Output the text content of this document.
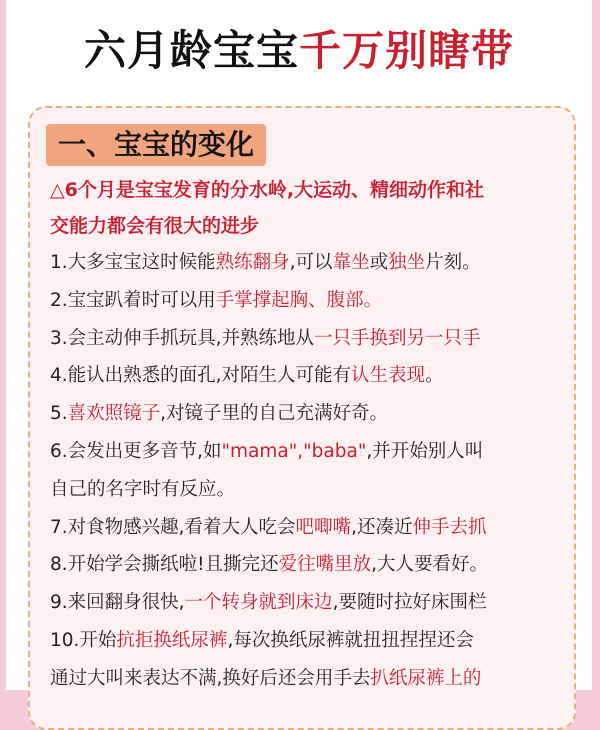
六月龄宝宝千万别瞎带
一、宝宝的变化
△6个月是宝宝发育的分水岭,大运动、精细动作和社
交能力都会有很大的进步
1.大多宝宝这时候能熟练翻身,可以靠坐或独坐片刻。
2.宝宝趴着时可以用手掌撑起胸、腹部。
3.会主动伸手抓玩具,并熟练地从一只手换到另一只手
4.能认出熟悉的面孔,对陌生人可能有认生表现。
5.喜欢照镜子,对镜子里的自己充满好奇。
6.会发出更多音节,如"mama","baba",并开始别人叫
自己的名字时有反应。
7.对食物感兴趣,看着大人吃会吧唧嘴,还凑近伸手去抓
8.开始学会撕纸啦!且撕完还爱往嘴里放,大人要看好。
9.来回翻身很快,一个转身就到床边,要随时拉好床围栏
10.开始抗拒换纸尿裤,每次换纸尿裤就扭扭捏捏还会
通过大叫来表达不满,换好后还会用手去扒纸尿裤上的
